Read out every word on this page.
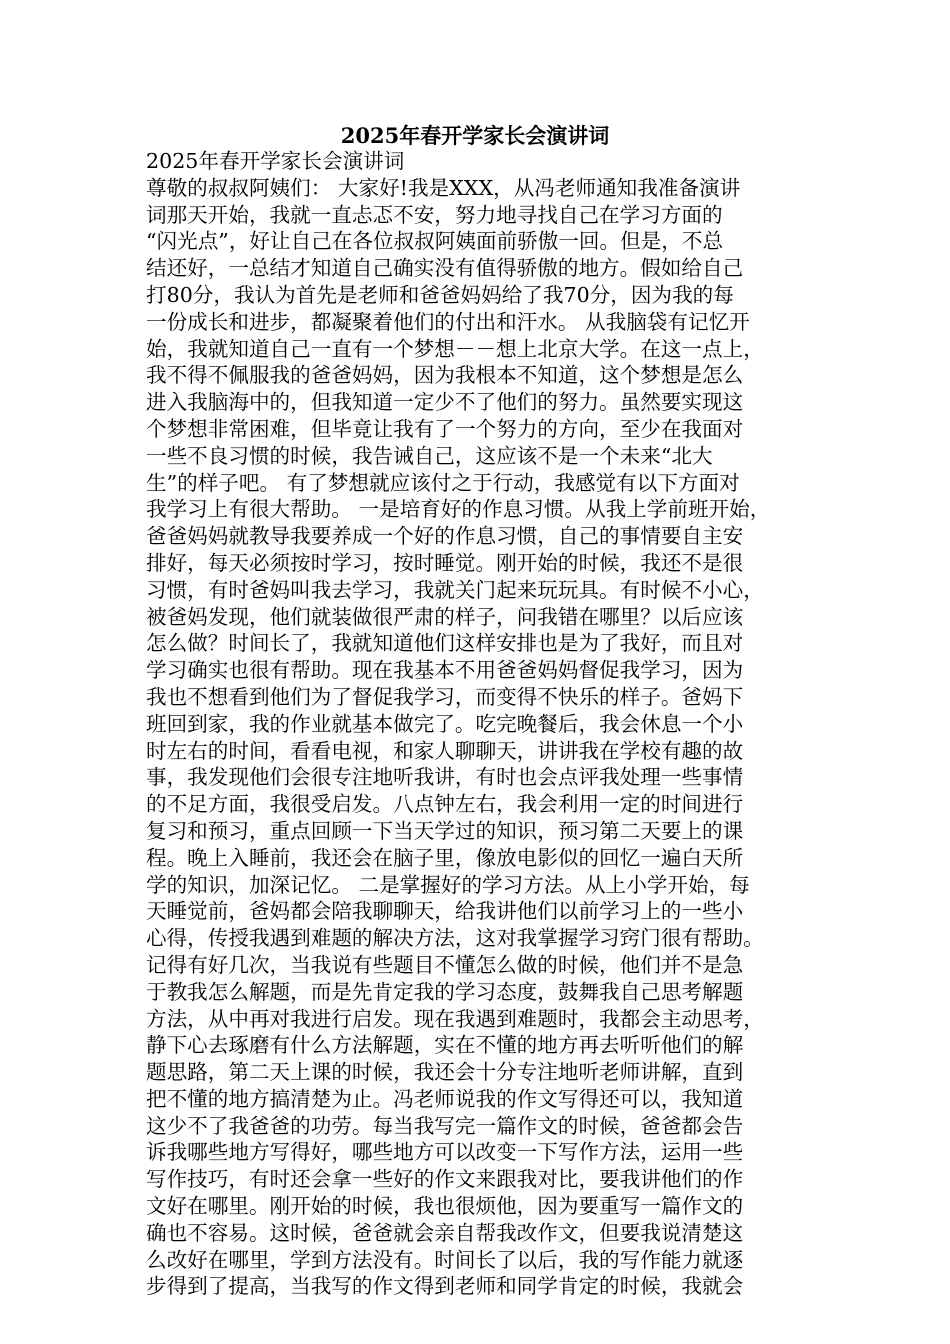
2025年春开学家长会演讲词
2025年春开学家长会演讲词
尊敬的叔叔阿姨们： 大家好!我是XXX，从冯老师通知我准备演讲
词那天开始，我就一直忐忑不安，努力地寻找自己在学习方面的
“闪光点”，好让自己在各位叔叔阿姨面前骄傲一回。但是，不总
结还好，一总结才知道自己确实没有值得骄傲的地方。假如给自己
打80分，我认为首先是老师和爸爸妈妈给了我70分，因为我的每
一份成长和进步，都凝聚着他们的付出和汗水。 从我脑袋有记忆开
始，我就知道自己一直有一个梦想－－想上北京大学。在这一点上，
我不得不佩服我的爸爸妈妈，因为我根本不知道，这个梦想是怎么
进入我脑海中的，但我知道一定少不了他们的努力。虽然要实现这
个梦想非常困难，但毕竟让我有了一个努力的方向，至少在我面对
一些不良习惯的时候，我告诫自己，这应该不是一个未来“北大
生”的样子吧。 有了梦想就应该付之于行动，我感觉有以下方面对
我学习上有很大帮助。 一是培育好的作息习惯。从我上学前班开始，
爸爸妈妈就教导我要养成一个好的作息习惯，自己的事情要自主安
排好，每天必须按时学习，按时睡觉。刚开始的时候，我还不是很
习惯，有时爸妈叫我去学习，我就关门起来玩玩具。有时候不小心，
被爸妈发现，他们就装做很严肃的样子，问我错在哪里？以后应该
怎么做？时间长了，我就知道他们这样安排也是为了我好，而且对
学习确实也很有帮助。现在我基本不用爸爸妈妈督促我学习，因为
我也不想看到他们为了督促我学习，而变得不快乐的样子。爸妈下
班回到家，我的作业就基本做完了。吃完晚餐后，我会休息一个小
时左右的时间，看看电视，和家人聊聊天，讲讲我在学校有趣的故
事，我发现他们会很专注地听我讲，有时也会点评我处理一些事情
的不足方面，我很受启发。八点钟左右，我会利用一定的时间进行
复习和预习，重点回顾一下当天学过的知识，预习第二天要上的课
程。晚上入睡前，我还会在脑子里，像放电影似的回忆一遍白天所
学的知识，加深记忆。 二是掌握好的学习方法。从上小学开始，每
天睡觉前，爸妈都会陪我聊聊天，给我讲他们以前学习上的一些小
心得，传授我遇到难题的解决方法，这对我掌握学习窍门很有帮助。
记得有好几次，当我说有些题目不懂怎么做的时候，他们并不是急
于教我怎么解题，而是先肯定我的学习态度，鼓舞我自己思考解题
方法，从中再对我进行启发。现在我遇到难题时，我都会主动思考，
静下心去琢磨有什么方法解题，实在不懂的地方再去听听他们的解
题思路，第二天上课的时候，我还会十分专注地听老师讲解，直到
把不懂的地方搞清楚为止。冯老师说我的作文写得还可以，我知道
这少不了我爸爸的功劳。每当我写完一篇作文的时候，爸爸都会告
诉我哪些地方写得好，哪些地方可以改变一下写作方法，运用一些
写作技巧，有时还会拿一些好的作文来跟我对比，要我讲他们的作
文好在哪里。刚开始的时候，我也很烦他，因为要重写一篇作文的
确也不容易。这时候，爸爸就会亲自帮我改作文，但要我说清楚这
么改好在哪里，学到方法没有。时间长了以后，我的写作能力就逐
步得到了提高，当我写的作文得到老师和同学肯定的时候，我就会
